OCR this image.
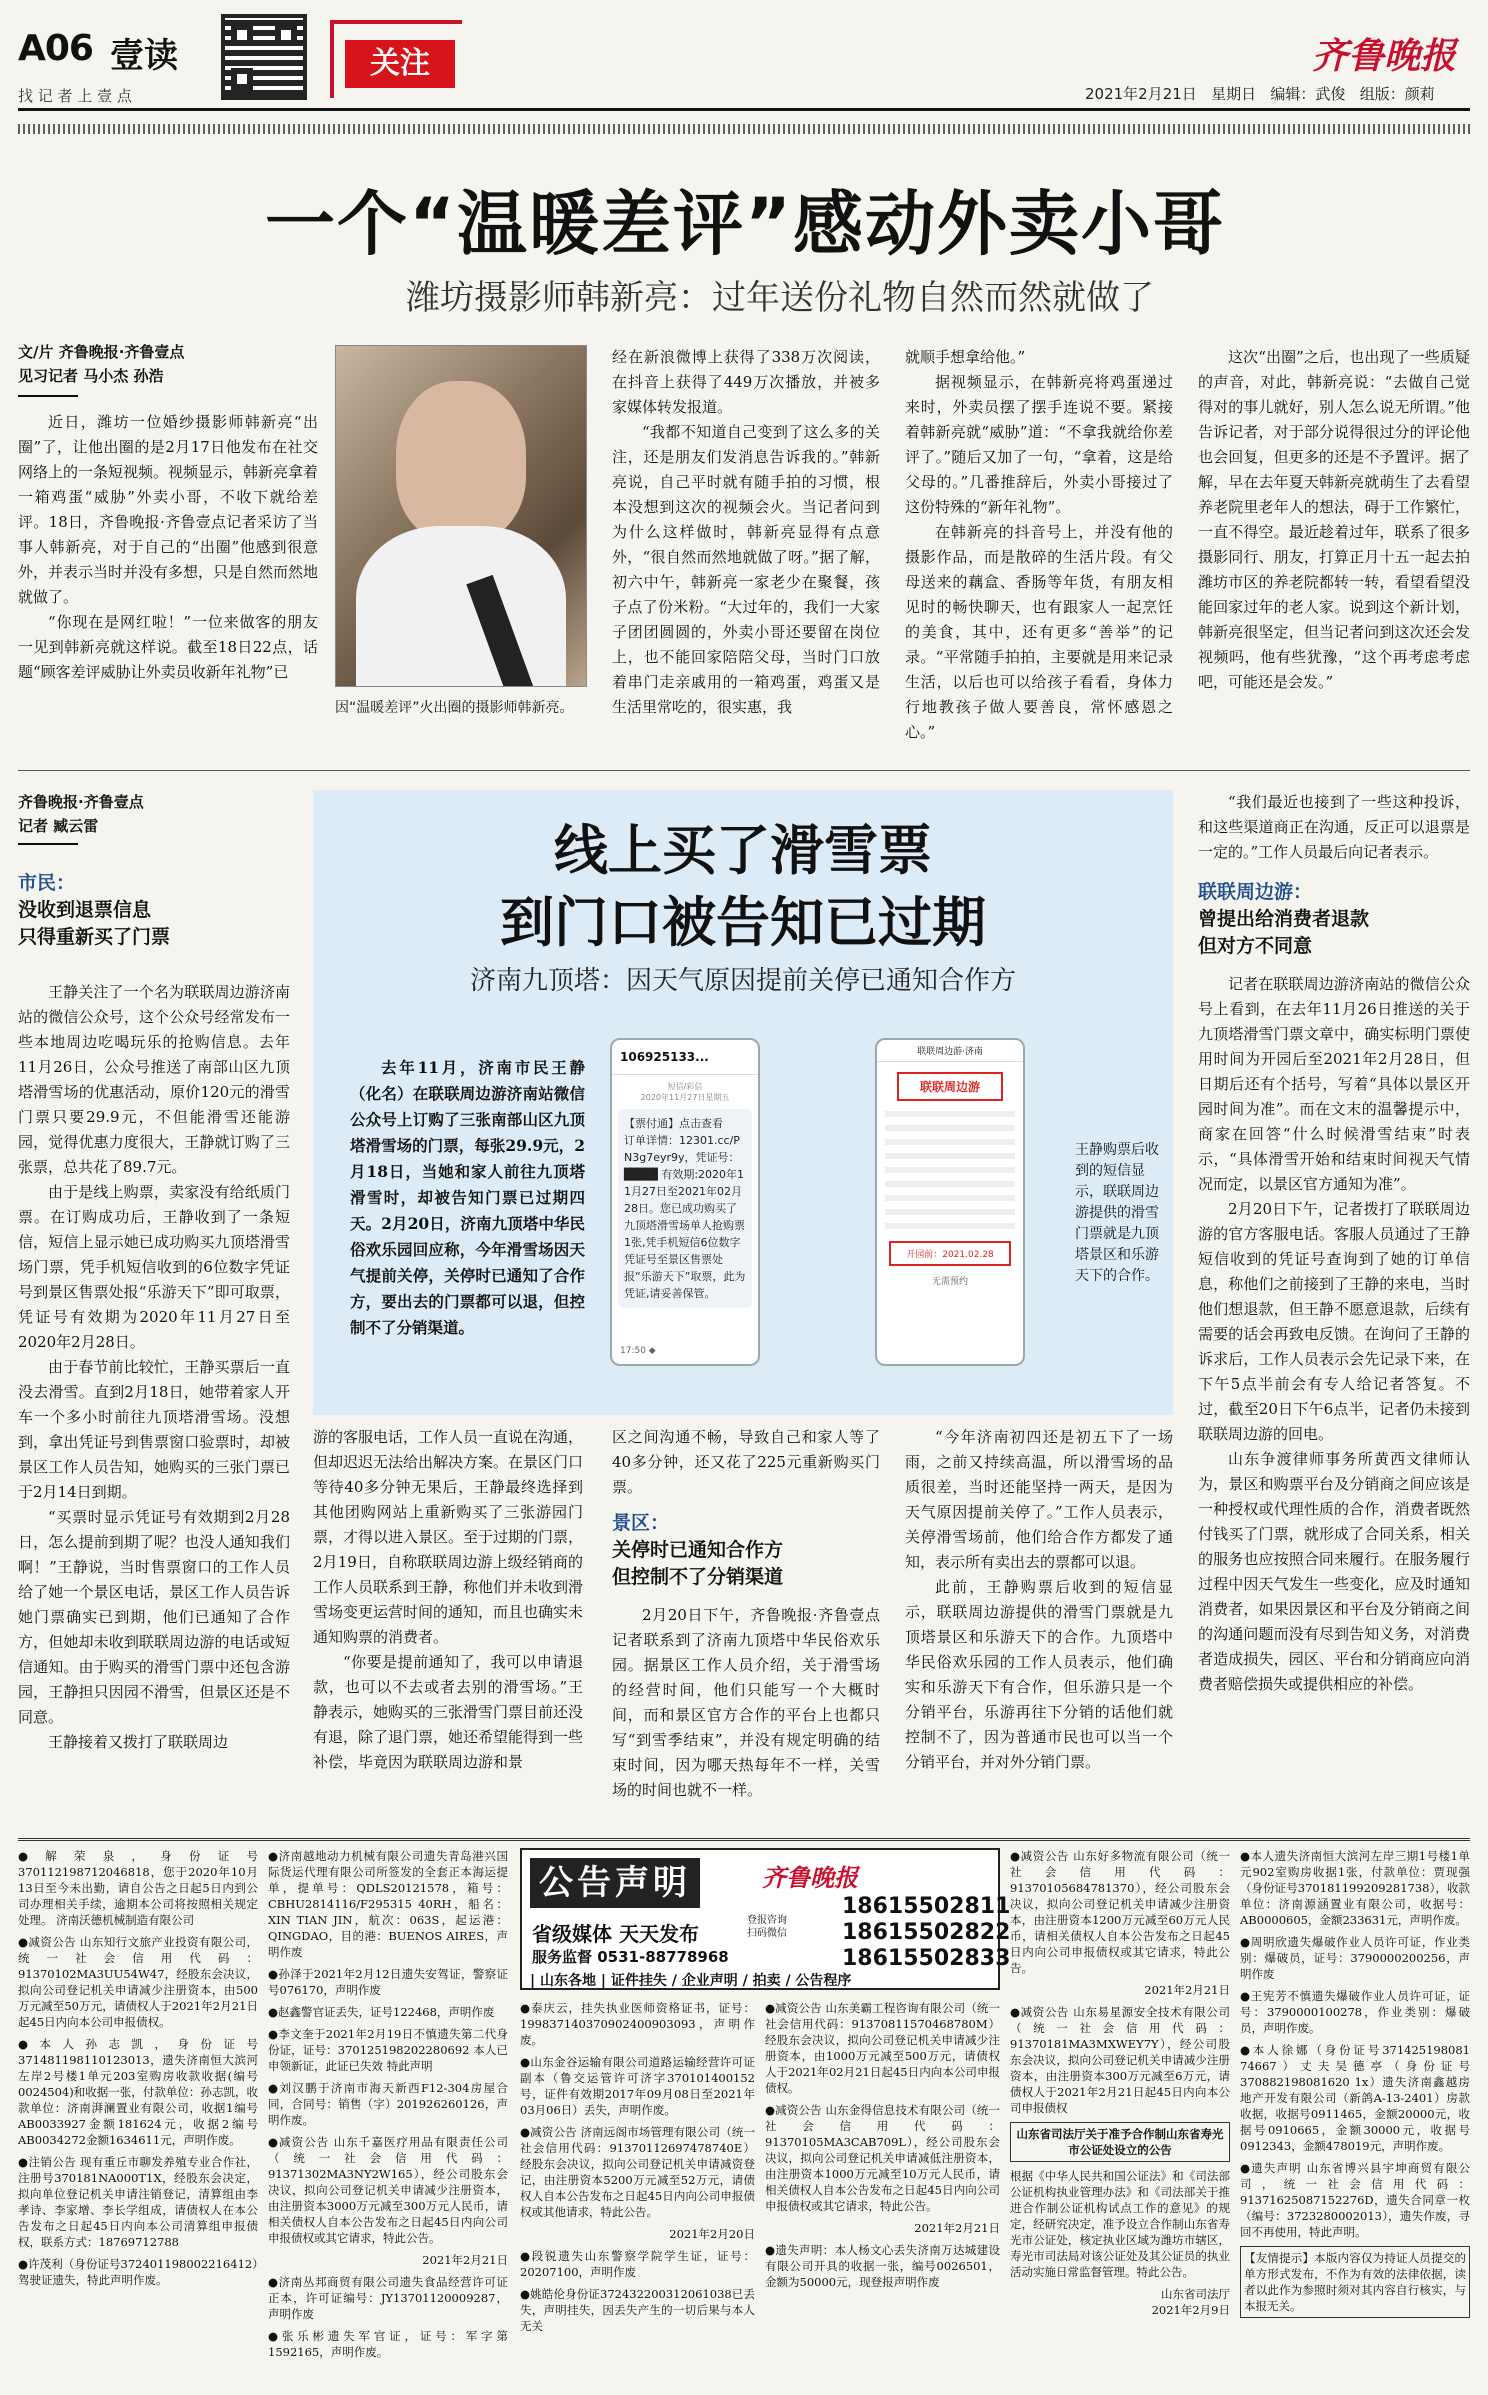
A06 壹读
找 记 者 上 壹 点
关注	齐鲁晚报
2021年2月21日   星期日   编辑：武俊   组版：颜莉
一个“温暖差评”感动外卖小哥
潍坊摄影师韩新亮：过年送份礼物自然而然就做了
文/片 齐鲁晚报·齐鲁壹点
见习记者 马小杰 孙浩

近日，潍坊一位婚纱摄影师韩新亮“出圈”了，让他出圈的是2月17日他发布在社交网络上的一条短视频。视频显示，韩新亮拿着一箱鸡蛋“威胁”外卖小哥，不收下就给差评。18日，齐鲁晚报·齐鲁壹点记者采访了当事人韩新亮，对于自己的“出圈”他感到很意外，并表示当时并没有多想，只是自然而然地就做了。

“你现在是网红啦！”一位来做客的朋友一见到韩新亮就这样说。截至18日22点，话题“顾客差评威胁让外卖员收新年礼物”已

因“温暖差评”火出圈的摄影师韩新亮。

经在新浪微博上获得了338万次阅读，在抖音上获得了449万次播放，并被多家媒体转发报道。

“我都不知道自己变到了这么多的关注，还是朋友们发消息告诉我的。”韩新亮说，自己平时就有随手拍的习惯，根本没想到这次的视频会火。当记者问到为什么这样做时，韩新亮显得有点意外，“很自然而然地就做了呀。”据了解，初六中午，韩新亮一家老少在聚餐，孩子点了份米粉。“大过年的，我们一大家子团团圆圆的，外卖小哥还要留在岗位上，也不能回家陪陪父母，当时门口放着串门走亲戚用的一箱鸡蛋，鸡蛋又是生活里常吃的，很实惠，我

就顺手想拿给他。”

据视频显示，在韩新亮将鸡蛋递过来时，外卖员摆了摆手连说不要。紧接着韩新亮就“威胁”道：“不拿我就给你差评了。”随后又加了一句，“拿着，这是给父母的。”几番推辞后，外卖小哥接过了这份特殊的“新年礼物”。

在韩新亮的抖音号上，并没有他的摄影作品，而是散碎的生活片段。有父母送来的藕盒、香肠等年货，有朋友相见时的畅快聊天，也有跟家人一起烹饪的美食，其中，还有更多“善举”的记录。“平常随手拍拍，主要就是用来记录生活，以后也可以给孩子看看，身体力行地教孩子做人要善良，常怀感恩之心。”

这次“出圈”之后，也出现了一些质疑的声音，对此，韩新亮说：“去做自己觉得对的事儿就好，别人怎么说无所谓。”他告诉记者，对于部分说得很过分的评论他也会回复，但更多的还是不予置评。据了解，早在去年夏天韩新亮就萌生了去看望养老院里老年人的想法，碍于工作繁忙，一直不得空。最近趁着过年，联系了很多摄影同行、朋友，打算正月十五一起去拍潍坊市区的养老院都转一转，看望看望没能回家过年的老人家。说到这个新计划，韩新亮很坚定，但当记者问到这次还会发视频吗，他有些犹豫，“这个再考虑考虑吧，可能还是会发。”

齐鲁晚报·齐鲁壹点
记者 臧云雷
市民：
没收到退票信息
只得重新买了门票

王静关注了一个名为联联周边游济南站的微信公众号，这个公众号经常发布一些本地周边吃喝玩乐的抢购信息。去年11月26日，公众号推送了南部山区九顶塔滑雪场的优惠活动，原价120元的滑雪门票只要29.9元，不但能滑雪还能游园，觉得优惠力度很大，王静就订购了三张票，总共花了89.7元。

由于是线上购票，卖家没有给纸质门票。在订购成功后，王静收到了一条短信，短信上显示她已成功购买九顶塔滑雪场门票，凭手机短信收到的6位数字凭证号到景区售票处报“乐游天下”即可取票，凭证号有效期为2020年11月27日至2020年2月28日。

由于春节前比较忙，王静买票后一直没去滑雪。直到2月18日，她带着家人开车一个多小时前往九顶塔滑雪场。没想到，拿出凭证号到售票窗口验票时，却被景区工作人员告知，她购买的三张门票已于2月14日到期。

“买票时显示凭证号有效期到2月28日，怎么提前到期了呢？也没人通知我们啊！”王静说，当时售票窗口的工作人员给了她一个景区电话，景区工作人员告诉她门票确实已到期，他们已通知了合作方，但她却未收到联联周边游的电话或短信通知。由于购买的滑雪门票中还包含游园，王静担只因园不滑雪，但景区还是不同意。

王静接着又拨打了联联周边

线上买了滑雪票
到门口被告知已过期
济南九顶塔：因天气原因提前关停已通知合作方
去年11月，济南市民王静（化名）在联联周边游济南站微信公众号上订购了三张南部山区九顶塔滑雪场的门票，每张29.9元，2月18日，当她和家人前往九顶塔滑雪时，却被告知门票已过期四天。2月20日，济南九顶塔中华民俗欢乐园回应称，今年滑雪场因天气提前关停，关停时已通知了合作方，要出去的门票都可以退，但控制不了分销渠道。
106925133...
短信/彩信
2020年11月27日星期五
【票付通】点击查看
订单详情：12301.cc/PN3g7eyr9y，凭证号：████ 有效期:2020年11月27日至2021年02月28日。您已成功购买了九顶塔滑雪场单人抢购票1张,凭手机短信6位数字凭证号至景区售票处报“乐游天下”取票，此为凭证,请妥善保管。
17:50 ◆
联联周边游·济南
联联周边游
开园前：2021.02.28
无需预约
王静购票后收到的短信显示，联联周边游提供的滑雪门票就是九顶塔景区和乐游天下的合作。

游的客服电话，工作人员一直说在沟通，但却迟迟无法给出解决方案。在景区门口等待40多分钟无果后，王静最终选择到其他团购网站上重新购买了三张游园门票，才得以进入景区。至于过期的门票，2月19日，自称联联周边游上级经销商的工作人员联系到王静，称他们并未收到滑雪场变更运营时间的通知，而且也确实未通知购票的消费者。

“你要是提前通知了，我可以申请退款，也可以不去或者去别的滑雪场。”王静表示，她购买的三张滑雪门票目前还没有退，除了退门票，她还希望能得到一些补偿，毕竟因为联联周边游和景

区之间沟通不畅，导致自己和家人等了40多分钟，还又花了225元重新购买门票。

景区：
关停时已通知合作方
但控制不了分销渠道

2月20日下午，齐鲁晚报·齐鲁壹点记者联系到了济南九顶塔中华民俗欢乐园。据景区工作人员介绍，关于滑雪场的经营时间，他们只能写一个大概时间，而和景区官方合作的平台上也都只写“到雪季结束”，并没有规定明确的结束时间，因为哪天热每年不一样，关雪场的时间也就不一样。

“今年济南初四还是初五下了一场雨，之前又持续高温，所以滑雪场的品质很差，当时还能坚持一两天，是因为天气原因提前关停了。”工作人员表示，关停滑雪场前，他们给合作方都发了通知，表示所有卖出去的票都可以退。

此前，王静购票后收到的短信显示，联联周边游提供的滑雪门票就是九顶塔景区和乐游天下的合作。九顶塔中华民俗欢乐园的工作人员表示，他们确实和乐游天下有合作，但乐游只是一个分销平台，乐游再往下分销的话他们就控制不了，因为普通市民也可以当一个分销平台，并对外分销门票。

“我们最近也接到了一些这种投诉，和这些渠道商正在沟通，反正可以退票是一定的。”工作人员最后向记者表示。

联联周边游：
曾提出给消费者退款
但对方不同意

记者在联联周边游济南站的微信公众号上看到，在去年11月26日推送的关于九顶塔滑雪门票文章中，确实标明门票使用时间为开园后至2021年2月28日，但日期后还有个括号，写着“具体以景区开园时间为准”。而在文末的温馨提示中，商家在回答“什么时候滑雪结束”时表示，“具体滑雪开始和结束时间视天气情况而定，以景区官方通知为准”。

2月20日下午，记者拨打了联联周边游的官方客服电话。客服人员通过了王静短信收到的凭证号查询到了她的订单信息，称他们之前接到了王静的来电，当时他们想退款，但王静不愿意退款，后续有需要的话会再致电反馈。在询问了王静的诉求后，工作人员表示会先记录下来，在下午5点半前会有专人给记者答复。不过，截至20日下午6点半，记者仍未接到联联周边游的回电。

山东争渡律师事务所黄西文律师认为，景区和购票平台及分销商之间应该是一种授权或代理性质的合作，消费者既然付钱买了门票，就形成了合同关系，相关的服务也应按照合同来履行。在服务履行过程中因天气发生一些变化，应及时通知消费者，如果因景区和平台及分销商之间的沟通问题而没有尽到告知义务，对消费者造成损失，园区、平台和分销商应向消费者赔偿损失或提供相应的补偿。

●解荣泉，身份证号370112198712046818，您于2020年10月13日至今未出勤，请自公告之日起5日内到公司办理相关手续，逾期本公司将按照相关规定处理。 济南沃德机械制造有限公司
●减资公告 山东知行文旅产业投资有限公司，统一社会信用代码：91370102MA3UU54W47，经股东会决议，拟向公司登记机关申请减少注册资本，由500万元减至50万元，请债权人于2021年2月21日起45日内向本公司申报债权。
●本人孙志凯，身份证号371481198110123013，遗失济南恒大滨河左岸2号楼1单元203室购房收款收据(编号0024504)和收据一张，付款单位：孙志凯，收款单位：济南湃澜置业有限公司，收据1编号AB0033927金额181624元，收据2编号AB0034272金额1634611元，声明作废。
●注销公告 现有重丘市聊发养殖专业合作社，注册号370181NA000T1X，经股东会决定，拟向单位登记机关申请注销登记，清算组由李孝诗、李家增、李长学组成，请债权人在本公告发布之日起45日内向本公司清算组申报债权，联系方式：18769712788
●许茂利（身份证号372401198002216412）驾驶证遗失，特此声明作废。
●济南越地动力机械有限公司遗失青岛港兴国际货运代理有限公司所签发的全套正本海运提单，提单号：QDLS20121578，箱号：CBHU2814116/F295315 40RH，船名：XIN TIAN JIN，航次：063S，起运港：QINGDAO，目的港：BUENOS AIRES，声明作废
●孙泽于2021年2月12日遗失安驾证，警察证号076170，声明作废
●赵鑫警官证丢失，证号122468，声明作废
●李文奎于2021年2月19日不慎遗失第二代身份证，证号：370125198202280692 本人已申领新证，此证已失效 特此声明
●刘汉鹏于济南市海天新西F12-304房屋合同，合同号：销售（字）201926260126，声明作废。
●减资公告 山东千嘉医疗用品有限责任公司（统一社会信用代码：91371302MA3NY2W165），经公司股东会决议，拟向公司登记机关申请减少注册资本，由注册资本3000万元减至300万元人民币，请相关债权人自本公告发布之日起45日内向公司申报债权或其它请求，特此公告。
2021年2月21日
●济南丛邦商贸有限公司遗失食品经营许可证正本，许可证编号：JY13701120009287，声明作废
●张乐彬遗失军官证，证号：军字第1592165，声明作废。
公告声明	齐鲁晚报
18615502811
18615502822
18615502833
省级媒体 天天发布
登报咨询
扫码微信
服务监督 0531-88778968
| 山东各地 | 证件挂失 / 企业声明 / 拍卖 / 公告程序
●泰庆云，挂失执业医师资格证书，证号：199837140370902400903093，声明作废。
●山东金谷运输有限公司道路运输经营许可证副本（鲁交运管许可济字370101400152号，证件有效期2017年09月08日至2021年03月06日）丢失，声明作废。
●减资公告 济南远阁市场管理有限公司（统一社会信用代码：91370112697478740E）经股东会决议，拟向公司登记机关申请减资登记，由注册资本5200万元减至52万元，请债权人自本公告发布之日起45日内向公司申报债权或其他请求，特此公告。
2021年2月20日
●段锐遗失山东警察学院学生证，证号：20207100，声明作废
●姚皓伦身份证372432200312061038已丢失，声明挂失，因丢失产生的一切后果与本人无关
●减资公告 山东美霸工程咨询有限公司（统一社会信用代码：91370811570468780M）经股东会决议，拟向公司登记机关申请减少注册资本，由1000万元减至500万元，请债权人于2021年02月21日起45日内向本公司申报债权。
●减资公告 山东金得信息技术有限公司（统一社会信用代码：91370105MA3CAB709L），经公司股东会决议，拟向公司登记机关申请减低注册资本，由注册资本1000万元减至10万元人民币，请相关债权人自本公告发布之日起45日内向公司申报债权或其它请求，特此公告。
2021年2月21日
●遗失声明：本人杨文心丢失济南万达城建设有限公司开具的收据一张，编号0026501，金额为50000元，现登报声明作废
●减资公告 山东好多物流有限公司（统一社会信用代码：91370105684781370），经公司股东会决议，拟向公司登记机关申请减少注册资本，由注册资本1200万元减至60万元人民币，请相关债权人自本公告发布之日起45日内向公司申报债权或其它请求，特此公告。
2021年2月21日
●减资公告 山东易星源安全技术有限公司（统一社会信用代码：91370181MA3MXWEY7Y），经公司股东会决议，拟向公司登记机关申请减少注册资本，由注册资本300万元减至6万元，请债权人于2021年2月21日起45日内向本公司申报债权
山东省司法厅关于准予合作制山东省寿光市公证处设立的公告
根据《中华人民共和国公证法》和《司法部公证机构执业管理办法》和《司法部关于推进合作制公证机构试点工作的意见》的规定，经研究决定，准予设立合作制山东省寿光市公证处，核定执业区域为潍坊市辖区，寿光市司法局对该公证处及其公证员的执业活动实施日常监督管理。特此公告。
山东省司法厅
2021年2月9日
●本人遗失济南恒大滨河左岸三期1号楼1单元902室购房收据1张，付款单位：贾现强（身份证号370181199209281738），收款单位：济南源涵置业有限公司，收据号：AB0000605，金额233631元，声明作废。
●周明欣遗失爆破作业人员许可证，作业类别：爆破员，证号：3790000200256，声明作废
●王宪芳不慎遗失爆破作业人员许可证，证号：3790000100278，作业类别：爆破员，声明作废。
●本人徐娜（身份证号371425198081 74667）丈夫吴德亭（身份证号370882198081620 1x）遗失济南鑫越房地产开发有限公司（新鸽A-13-2401）房款收据，收据号0911465，金额20000元，收据号0910665，金额30000元，收据号0912343，金额478019元，声明作废。
●遗失声明 山东省博兴县宇坤商贸有限公司，统一社会信用代码：91371625087152276D，遗失合同章一枚（编号：3723280002013），遗失作废，寻回不再使用，特此声明。
【友情提示】本版内容仅为持证人员提交的单方形式发布，不作为有效的法律依据，读者以此作为参照时须对其内容自行核实，与本报无关。
